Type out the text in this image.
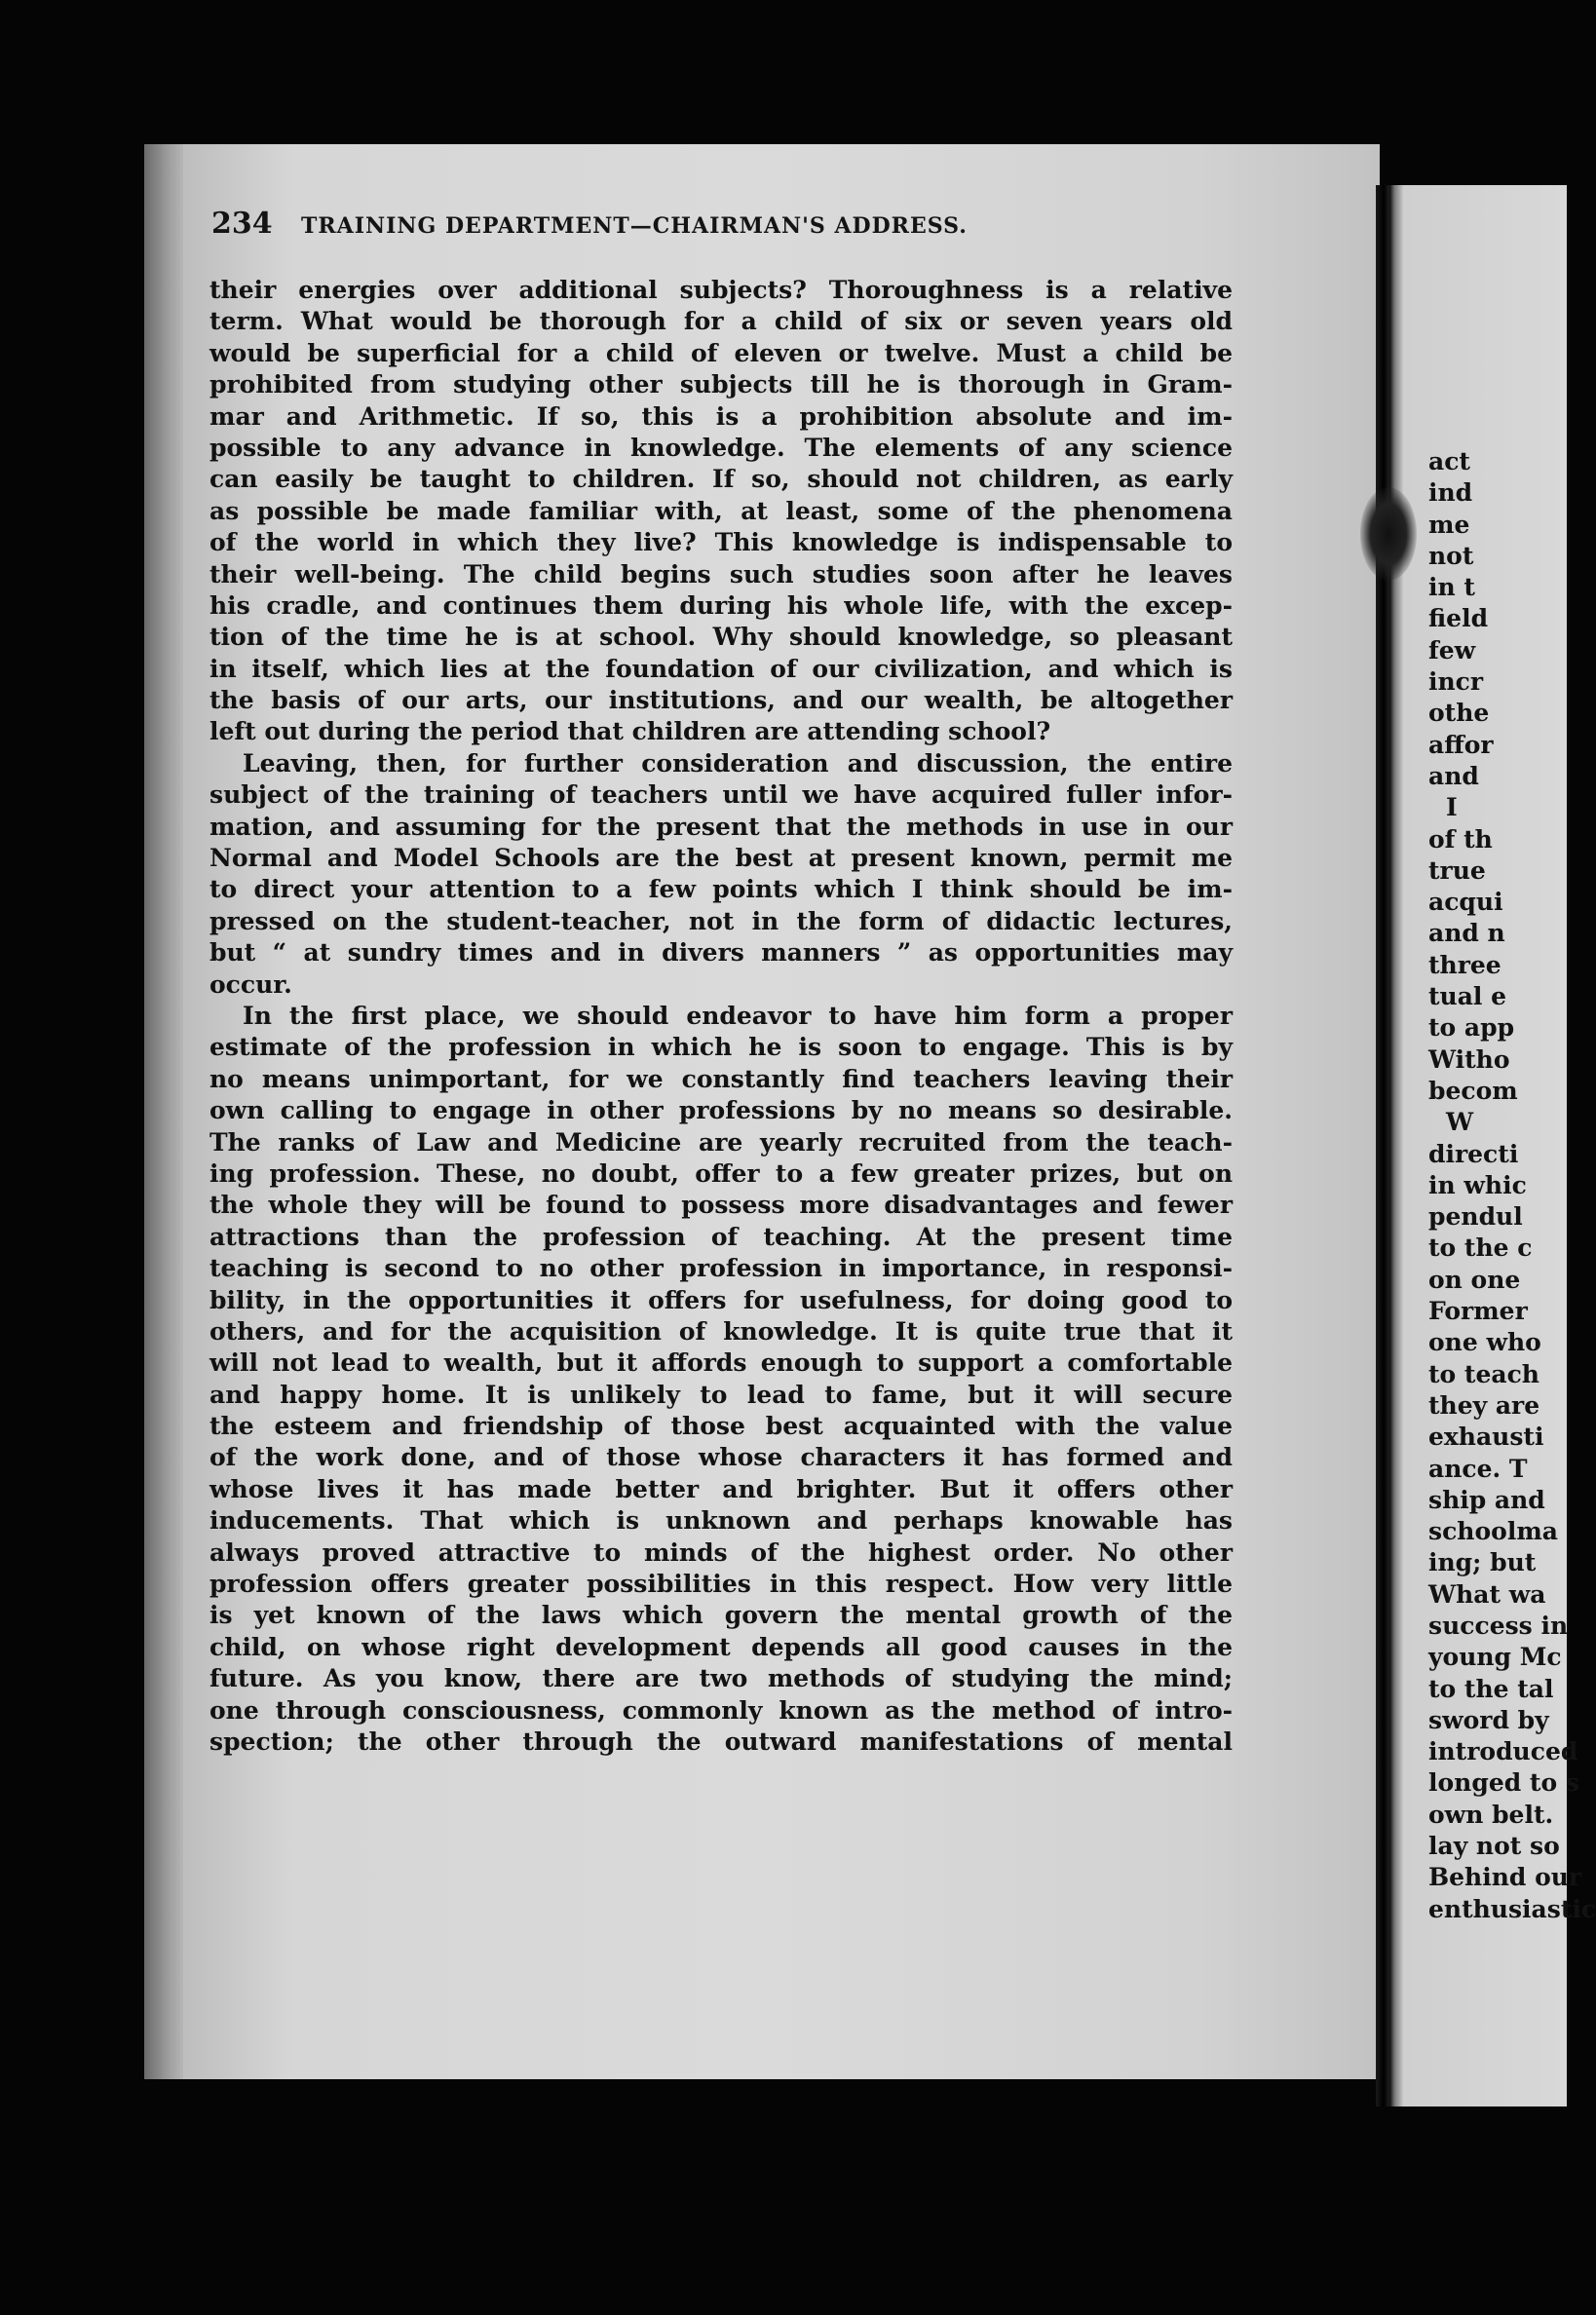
234	TRAINING DEPARTMENT—CHAIRMAN'S ADDRESS.
their energies over additional subjects? Thoroughness is a relative
term. What would be thorough for a child of six or seven years old
would be superficial for a child of eleven or twelve. Must a child be
prohibited from studying other subjects till he is thorough in Gram-
mar and Arithmetic. If so, this is a prohibition absolute and im-
possible to any advance in knowledge. The elements of any science
can easily be taught to children. If so, should not children, as early
as possible be made familiar with, at least, some of the phenomena
of the world in which they live? This knowledge is indispensable to
their well-being. The child begins such studies soon after he leaves
his cradle, and continues them during his whole life, with the excep-
tion of the time he is at school. Why should knowledge, so pleasant
in itself, which lies at the foundation of our civilization, and which is
the basis of our arts, our institutions, and our wealth, be altogether
left out during the period that children are attending school?
Leaving, then, for further consideration and discussion, the entire
subject of the training of teachers until we have acquired fuller infor-
mation, and assuming for the present that the methods in use in our
Normal and Model Schools are the best at present known, permit me
to direct your attention to a few points which I think should be im-
pressed on the student-teacher, not in the form of didactic lectures,
but “ at sundry times and in divers manners ” as opportunities may
occur.
In the first place, we should endeavor to have him form a proper
estimate of the profession in which he is soon to engage. This is by
no means unimportant, for we constantly find teachers leaving their
own calling to engage in other professions by no means so desirable.
The ranks of Law and Medicine are yearly recruited from the teach-
ing profession. These, no doubt, offer to a few greater prizes, but on
the whole they will be found to possess more disadvantages and fewer
attractions than the profession of teaching. At the present time
teaching is second to no other profession in importance, in responsi-
bility, in the opportunities it offers for usefulness, for doing good to
others, and for the acquisition of knowledge. It is quite true that it
will not lead to wealth, but it affords enough to support a comfortable
and happy home. It is unlikely to lead to fame, but it will secure
the esteem and friendship of those best acquainted with the value
of the work done, and of those whose characters it has formed and
whose lives it has made better and brighter. But it offers other
inducements. That which is unknown and perhaps knowable has
always proved attractive to minds of the highest order. No other
profession offers greater possibilities in this respect. How very little
is yet known of the laws which govern the mental growth of the
child, on whose right development depends all good causes in the
future. As you know, there are two methods of studying the mind;
one through consciousness, commonly known as the method of intro-
spection; the other through the outward manifestations of mental
act
ind
me
not
in t
field
few
incr
othe
affor
and
I
of th
true
acqui
and n
three
tual e
to app
Witho
becom
W
directi
in whic
pendul
to the c
on one
Former
one who
to teach
they are
exhausti
ance. T
ship and
schoolma
ing; but
What wa
success in
young Mc
to the tal
sword by
introduced
longed to s
own belt.
lay not so
Behind our
enthusiastic
